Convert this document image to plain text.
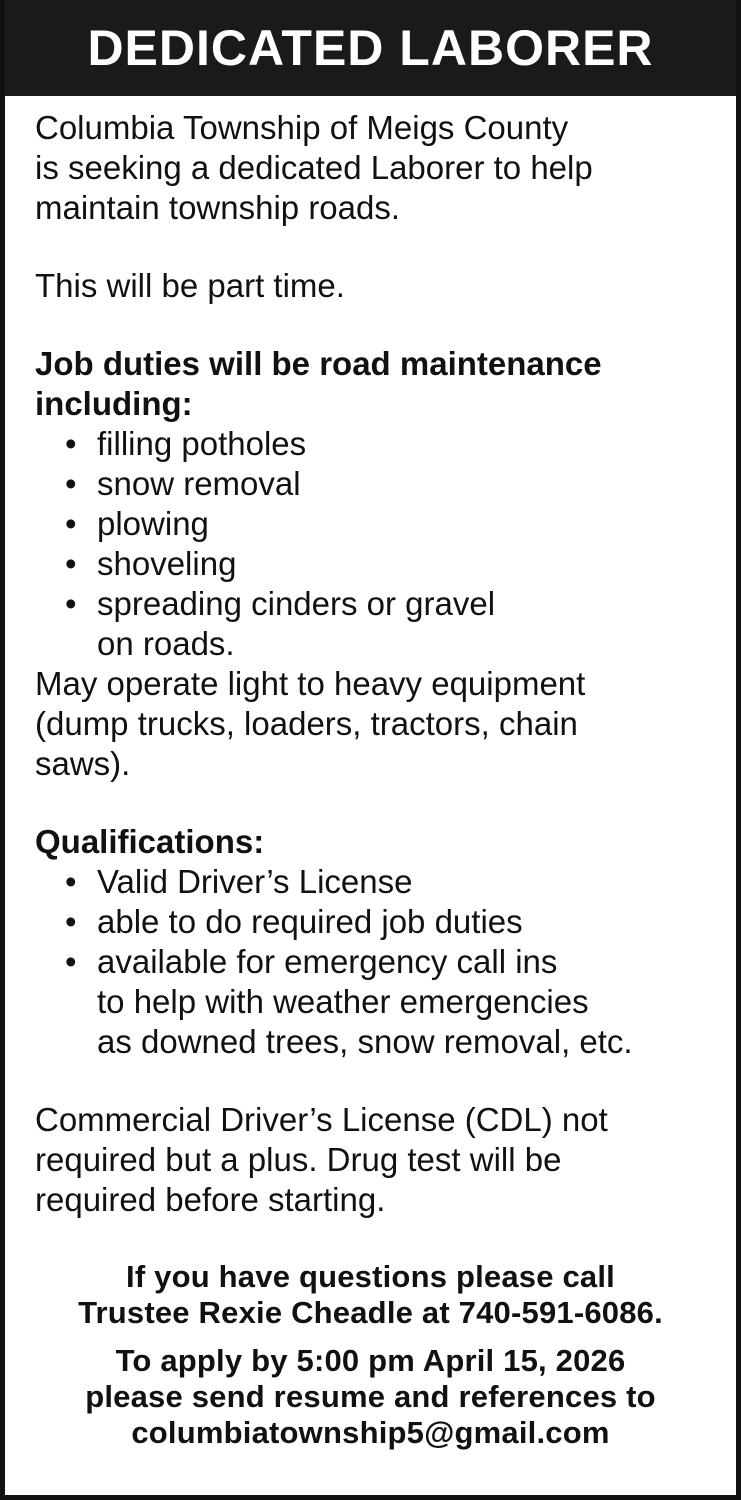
DEDICATED LABORER

Columbia Township of Meigs County

is seeking a dedicated Laborer to help

maintain township roads.

This will be part time.

Job duties will be road maintenance

including:

• filling potholes
• snow removal
• plowing
• shoveling
• spreading cinders or gravel
on roads.

May operate light to heavy equipment

(dump trucks, loaders, tractors, chain

saws).

Qualifications:

• Valid Driver’s License
• able to do required job duties
• available for emergency call ins
to help with weather emergencies
as downed trees, snow removal, etc.

Commercial Driver’s License (CDL) not

required but a plus. Drug test will be

required before starting.

If you have questions please call

Trustee Rexie Cheadle at 740-591-6086.

To apply by 5:00 pm April 15, 2026

please send resume and references to

columbiatownship5@gmail.com
